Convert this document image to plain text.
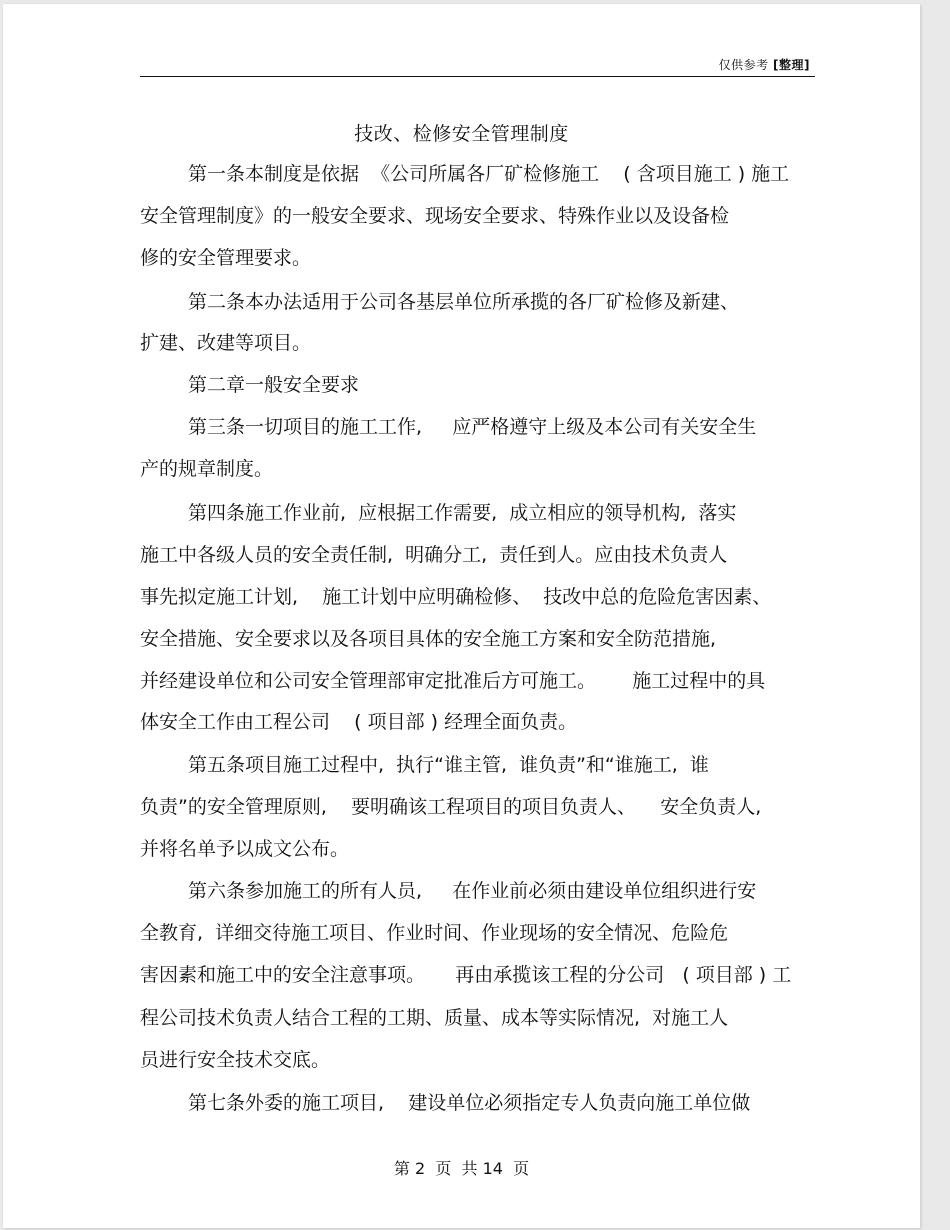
仅供参考 [整理]
技改、检修安全管理制度
第一条本制度是依据  《公司所属各厂矿检修施工    ( 含项目施工 ) 施工
安全管理制度》的一般安全要求、现场安全要求、特殊作业以及设备检
修的安全管理要求。
第二条本办法适用于公司各基层单位所承揽的各厂矿检修及新建、
扩建、改建等项目。
第二章一般安全要求
第三条一切项目的施工工作,     应严格遵守上级及本公司有关安全生
产的规章制度。
第四条施工作业前,  应根据工作需要,  成立相应的领导机构,  落实
施工中各级人员的安全责任制,  明确分工,  责任到人。应由技术负责人
事先拟定施工计划,    施工计划中应明确检修、  技改中总的危险危害因素、
安全措施、安全要求以及各项目具体的安全施工方案和安全防范措施,
并经建设单位和公司安全管理部审定批准后方可施工。      施工过程中的具
体安全工作由工程公司    ( 项目部 ) 经理全面负责。
第五条项目施工过程中,  执行“谁主管,  谁负责”和“谁施工,  谁
负责”的安全管理原则,    要明确该工程项目的项目负责人、    安全负责人,
并将名单予以成文公布。
第六条参加施工的所有人员,     在作业前必须由建设单位组织进行安
全教育,  详细交待施工项目、作业时间、作业现场的安全情况、危险危
害因素和施工中的安全注意事项。     再由承揽该工程的分公司   ( 项目部 ) 工
程公司技术负责人结合工程的工期、质量、成本等实际情况,  对施工人
员进行安全技术交底。
第七条外委的施工项目,    建设单位必须指定专人负责向施工单位做
第 2  页  共 14  页
